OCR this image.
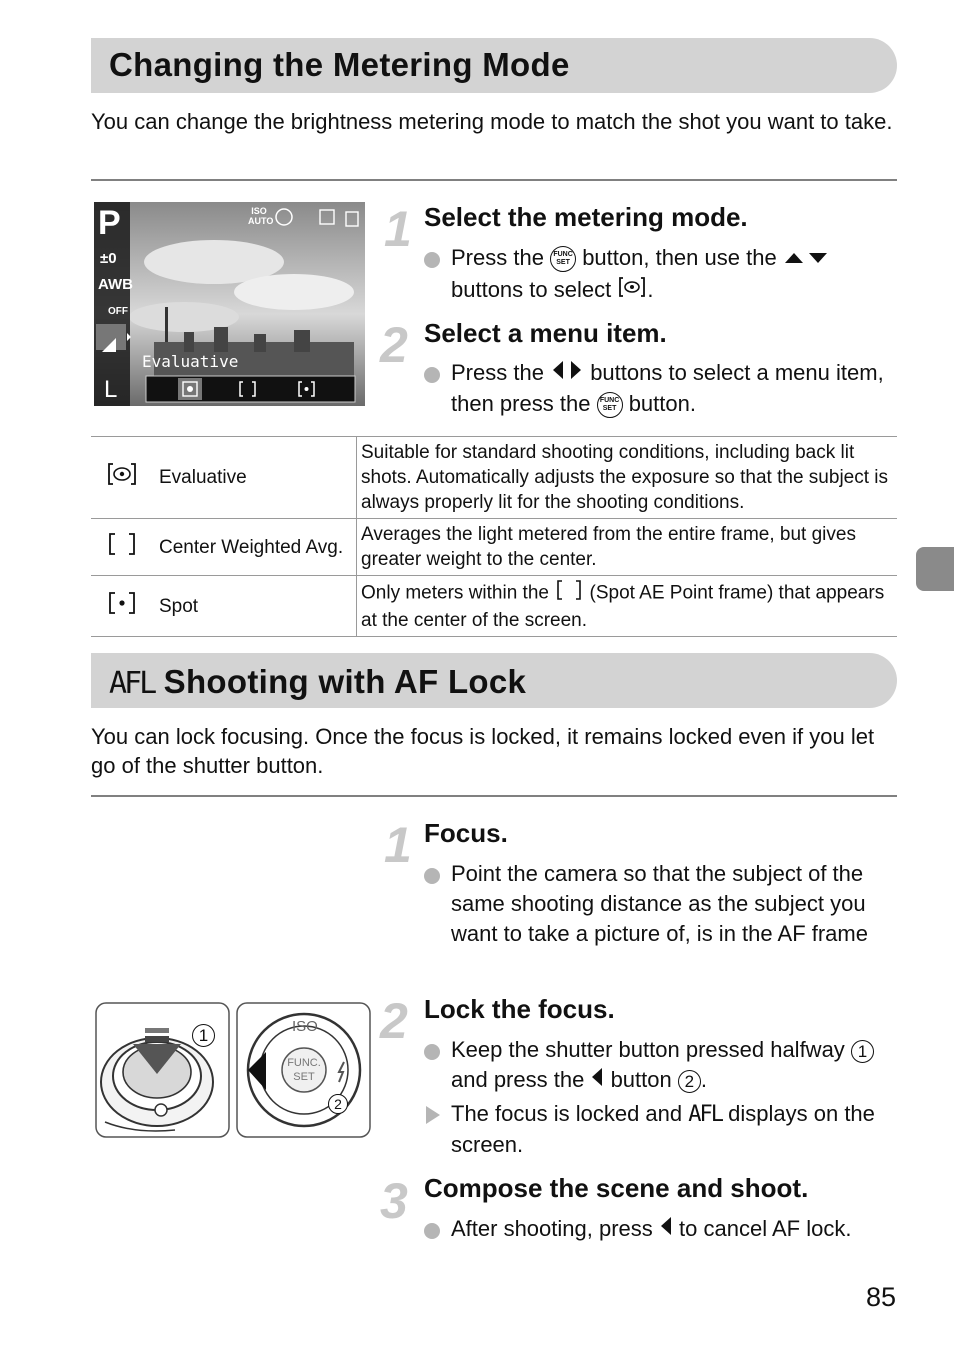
Changing the Metering Mode
You can change the brightness metering mode to match the shot you want to take.
P
±0
AWB
OFF
L
ISO AUTO
Evaluative
1 Select the metering mode.
Press the FUNC
SET button, then use the  buttons to select .
2 Select a menu item.
Press the buttons to select a menu item, then press the FUNC
SET button.
	Evaluative	Suitable for standard shooting conditions, including back lit shots. Automatically adjusts the exposure so that the subject is always properly lit for the shooting conditions.
	Center Weighted Avg.	Averages the light metered from the entire frame, but gives greater weight to the center.
	Spot	Only meters within the (Spot AE Point frame) that appears at the center of the screen.
AFL Shooting with AF Lock
You can lock focusing. Once the focus is locked, it remains locked even if you let go of the shutter button.
1
FUNC.
SET
ISO
2
1 Focus.
Point the camera so that the subject of the same shooting distance as the subject you want to take a picture of, is in the AF frame
2 Lock the focus.
Keep the shutter button pressed halfway 1 and press the button 2 .
The focus is locked and AFL displays on the screen.
3 Compose the scene and shoot.
After shooting, press to cancel AF lock.
85
